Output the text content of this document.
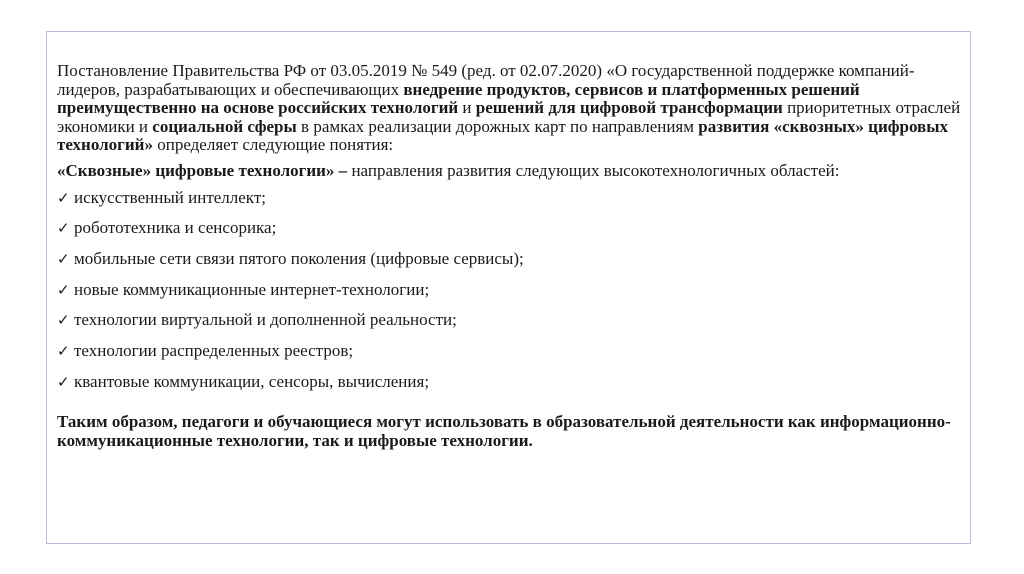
Постановление Правительства РФ от 03.05.2019 № 549 (ред. от 02.07.2020) «О государственной поддержке компаний-лидеров, разрабатывающих и обеспечивающих внедрение продуктов, сервисов и платформенных решений преимущественно на основе российских технологий и решений для цифровой трансформации приоритетных отраслей экономики и социальной сферы в рамках реализации дорожных карт по направлениям развития «сквозных» цифровых технологий» определяет следующие понятия:

«Сквозные» цифровые технологии» – направления развития следующих высокотехнологичных областей:

✓ искусственный интеллект;
✓ робототехника и сенсорика;
✓ мобильные сети связи пятого поколения (цифровые сервисы);
✓ новые коммуникационные интернет-технологии;
✓ технологии виртуальной и дополненной реальности;
✓ технологии распределенных реестров;
✓ квантовые коммуникации, сенсоры, вычисления;

Таким образом, педагоги и обучающиеся могут использовать в образовательной деятельности как информационно-коммуникационные технологии, так и цифровые технологии.
